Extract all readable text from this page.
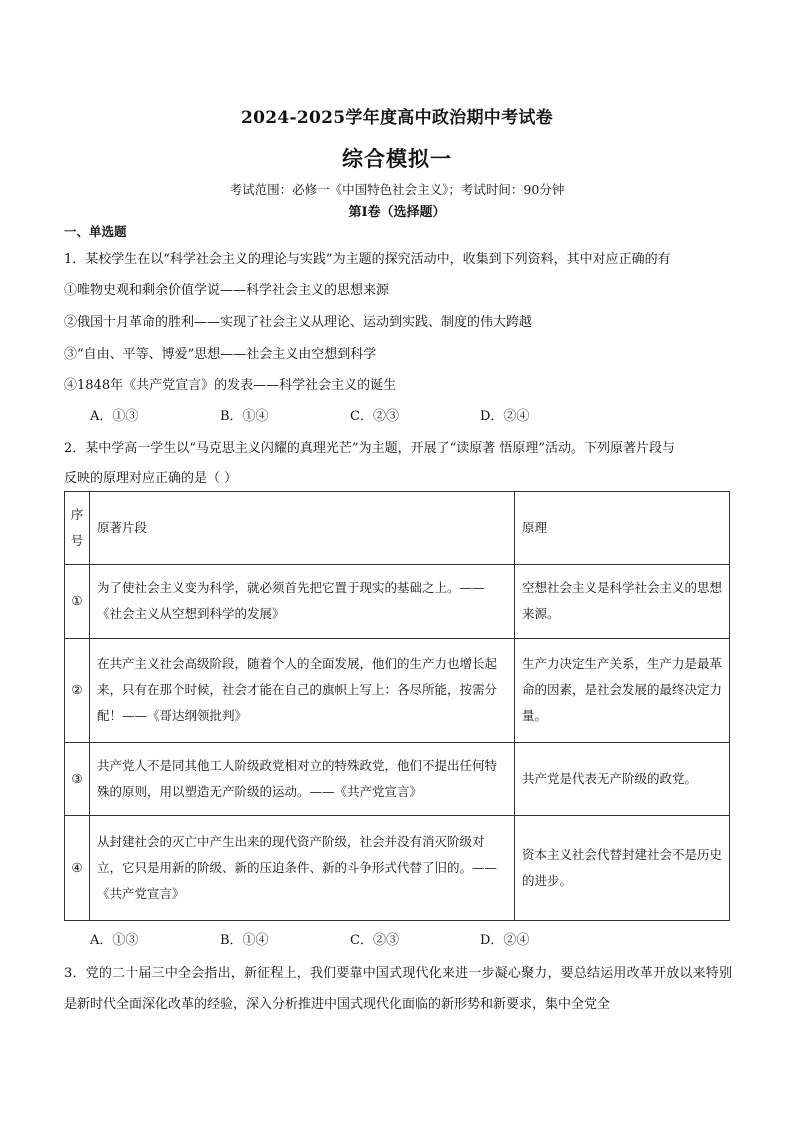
2024-2025学年度高中政治期中考试卷
综合模拟一
考试范围：必修一《中国特色社会主义》；考试时间：90分钟
第I卷（选择题）
一、单选题
1．某校学生在以“科学社会主义的理论与实践”为主题的探究活动中，收集到下列资料，其中对应正确的有
①唯物史观和剩余价值学说——科学社会主义的思想来源
②俄国十月革命的胜利——实现了社会主义从理论、运动到实践、制度的伟大跨越
③“自由、平等、博爱”思想——社会主义由空想到科学
④1848年《共产党宣言》的发表——科学社会主义的诞生
A．①③	B．①④	C．②③	D．②④
2．某中学高一学生以“马克思主义闪耀的真理光芒”为主题，开展了“读原著 悟原理”活动。下列原著片段与
反映的原理对应正确的是（ ）
序号	原著片段	原理
①	为了使社会主义变为科学，就必须首先把它置于现实的基础之上。——《社会主义从空想到科学的发展》	空想社会主义是科学社会主义的思想来源。
②	在共产主义社会高级阶段，随着个人的全面发展，他们的生产力也增长起来，只有在那个时候，社会才能在自己的旗帜上写上：各尽所能，按需分配！——《哥达纲领批判》	生产力决定生产关系，生产力是最革命的因素，是社会发展的最终决定力量。
③	共产党人不是同其他工人阶级政党相对立的特殊政党，他们不提出任何特殊的原则，用以塑造无产阶级的运动。——《共产党宣言》	共产党是代表无产阶级的政党。
④	从封建社会的灭亡中产生出来的现代资产阶级，社会并没有消灭阶级对立，它只是用新的阶级、新的压迫条件、新的斗争形式代替了旧的。——《共产党宣言》	资本主义社会代替封建社会不是历史的进步。
A．①③	B．①④	C．②③	D．②④
3．党的二十届三中全会指出，新征程上，我们要靠中国式现代化来进一步凝心聚力，要总结运用改革开放以来特别是新时代全面深化改革的经验，深入分析推进中国式现代化面临的新形势和新要求，集中全党全
